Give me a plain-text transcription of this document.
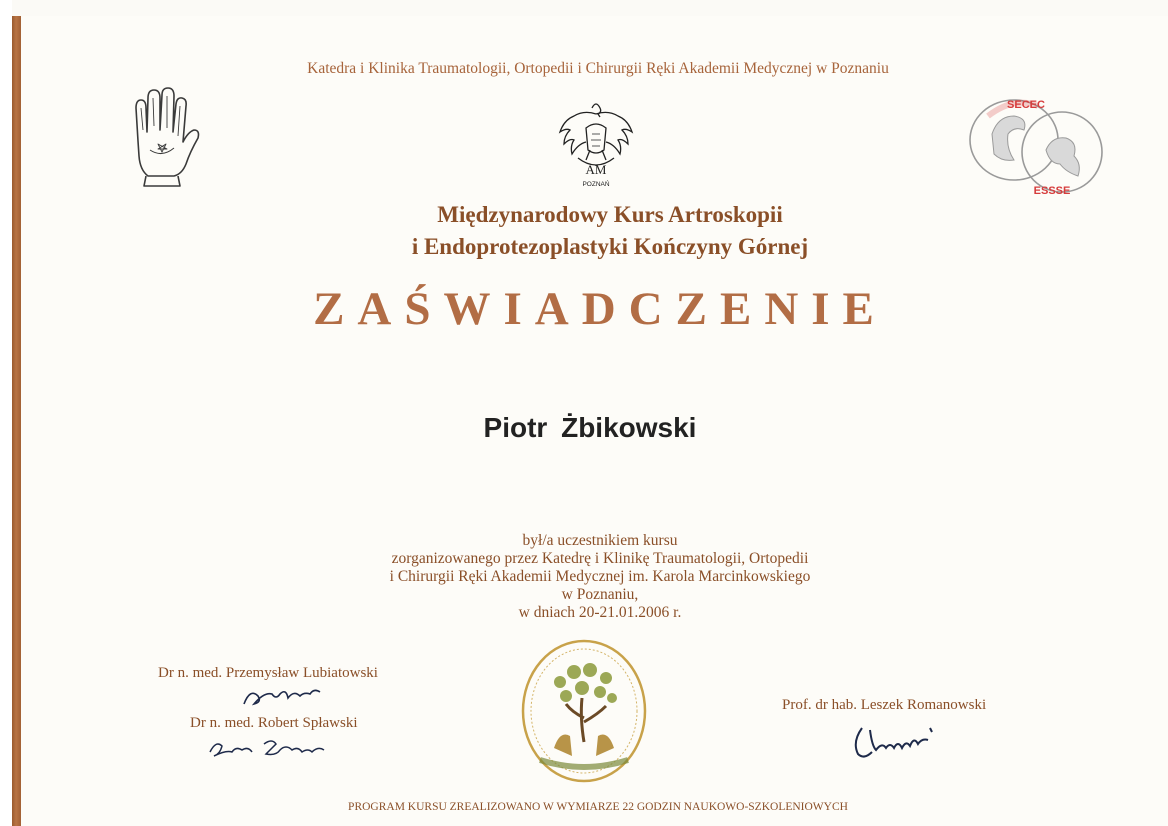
Katedra i Klinika Traumatologii, Ortopedii i Chirurgii Ręki Akademii Medycznej w Poznaniu
AM
POZNAŃ
SECEC
ESSSE
Międzynarodowy Kurs Artroskopii
i Endoprotezoplastyki Kończyny Górnej
ZAŚWIADCZENIE
Piotr Żbikowski
był/a uczestnikiem kursu
zorganizowanego przez Katedrę i Klinikę Traumatologii, Ortopedii
i Chirurgii Ręki Akademii Medycznej im. Karola Marcinkowskiego
w Poznaniu,
w dniach 20-21.01.2006 r.
Dr n. med. Przemysław Lubiatowski
Dr n. med. Robert Spławski
Prof. dr hab. Leszek Romanowski
PROGRAM KURSU ZREALIZOWANO W WYMIARZE 22 GODZIN NAUKOWO-SZKOLENIOWYCH
